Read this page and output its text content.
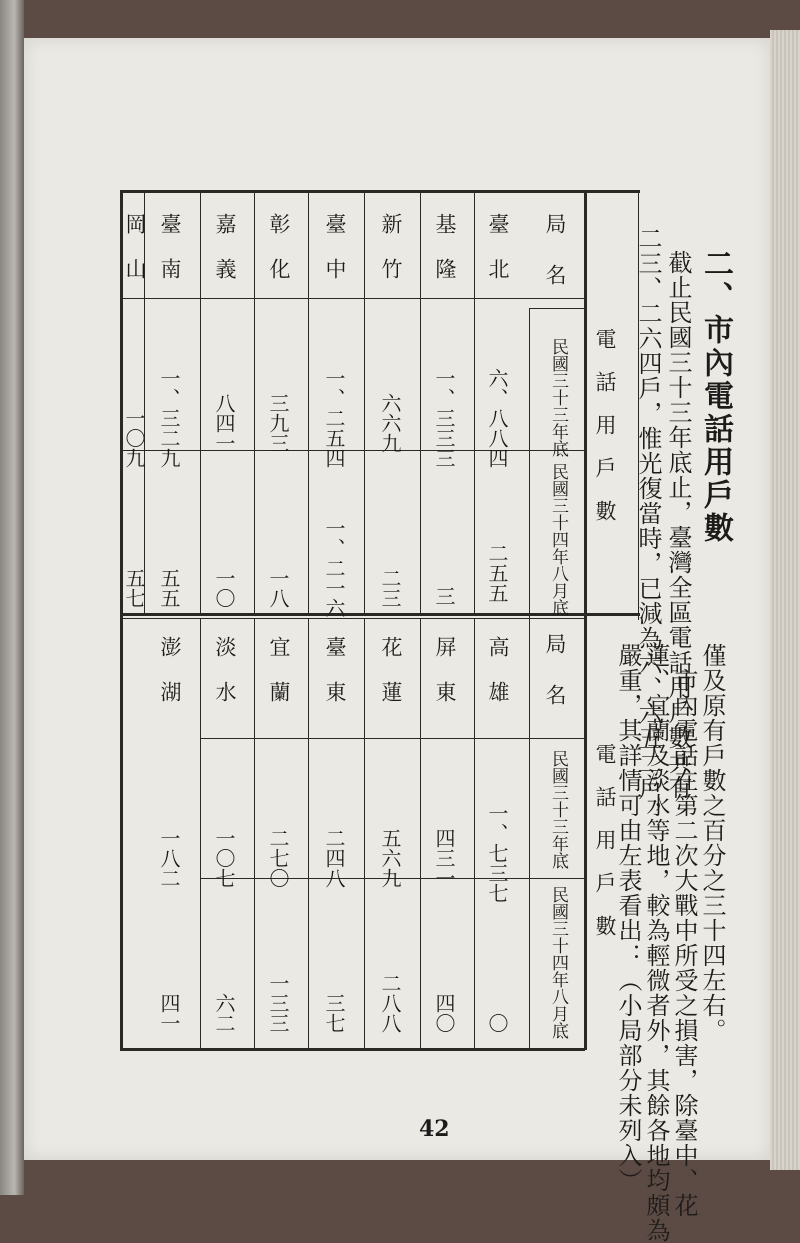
二、市內電話用戶數
截止民國三十三年底止，臺灣全區電話用戶數共有
二三、二六四戶，惟光復當時，已減為六、六五二戶，
僅及原有戶數之百分之三十四左右。
市內電話在第二次大戰中所受之損害，除臺中、花
蓮、宜蘭及淡水等地，較為輕微者外，其餘各地均頗為
嚴重，其詳情可由左表看出：（小局部分未列入）
局名
電話用戶數
民國三十三年底
民國三十四年八月底
臺北
六、八八四
二五五
基隆
一、三三三
三
新竹
六六九
二三
臺中
一、二五四
一、二一六
彰化
三九三
一八
嘉義
八四一
一〇
臺南
一、三二九
五五
岡山
一〇九
五七
局名
電話用戶數
民國三十三年底
民國三十四年八月底
高雄
一、七三七
〇
屏東
四三一
四〇
花蓮
五六九
二八八
臺東
二四八
三七
宜蘭
二七〇
一三三
淡水
一〇七
六二
澎湖
一八二
四一
42
